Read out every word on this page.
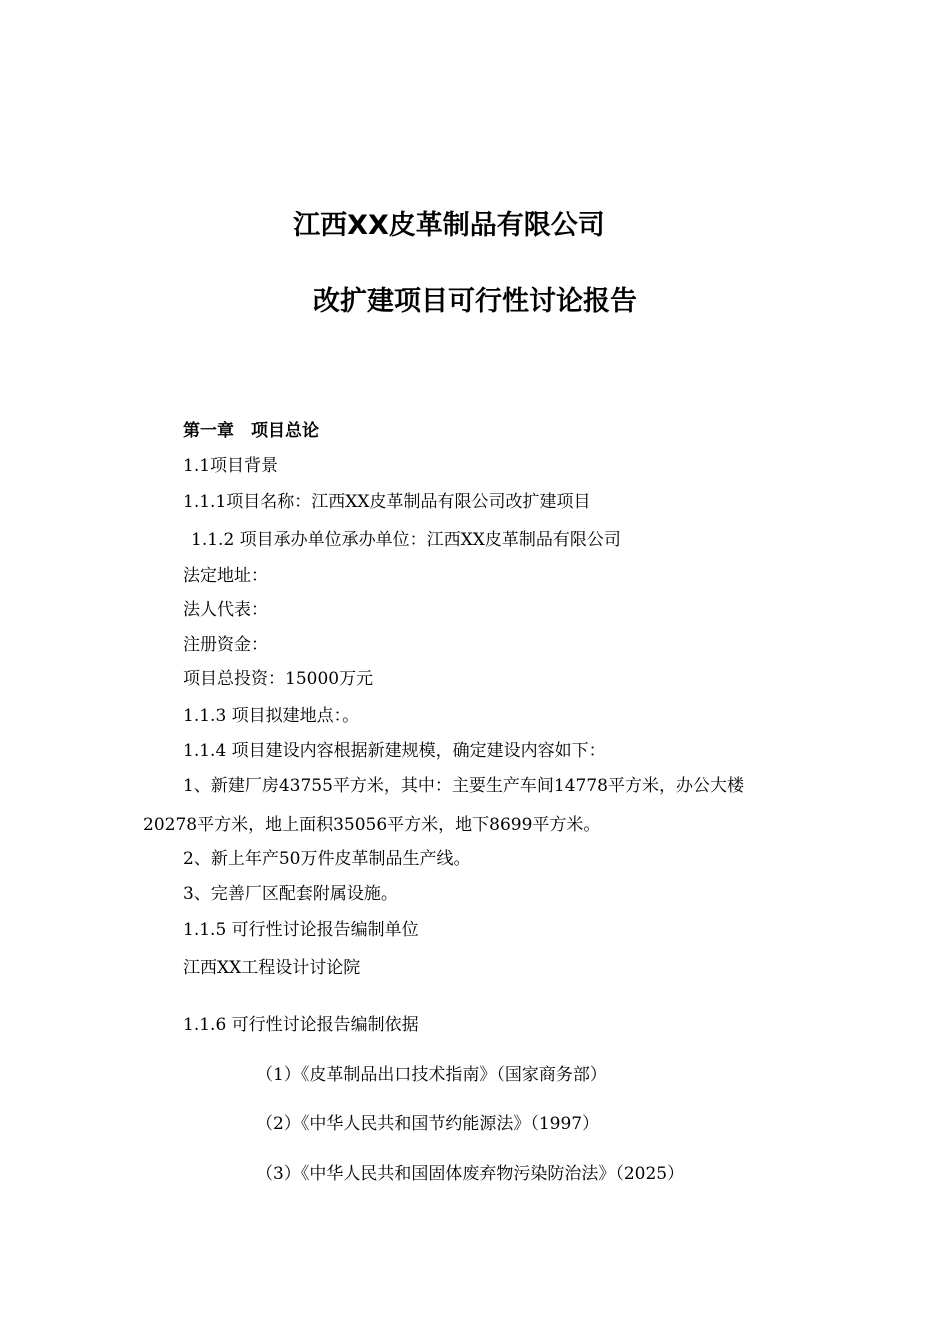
江西XX皮革制品有限公司
改扩建项目可行性讨论报告
第一章　项目总论
1.1项目背景
1.1.1项目名称：江西XX皮革制品有限公司改扩建项目
1.1.2 项目承办单位承办单位：江西XX皮革制品有限公司
法定地址：
法人代表：
注册资金：
项目总投资：15000万元
1.1.3 项目拟建地点：。
1.1.4 项目建设内容根据新建规模，确定建设内容如下：
1、新建厂房43755平方米，其中：主要生产车间14778平方米，办公大楼
20278平方米，地上面积35056平方米，地下8699平方米。
2、新上年产50万件皮革制品生产线。
3、完善厂区配套附属设施。
1.1.5 可行性讨论报告编制单位
江西XX工程设计讨论院
1.1.6 可行性讨论报告编制依据
（1）《皮革制品出口技术指南》（国家商务部）
（2）《中华人民共和国节约能源法》（1997）
（3）《中华人民共和国固体废弃物污染防治法》（2025）
